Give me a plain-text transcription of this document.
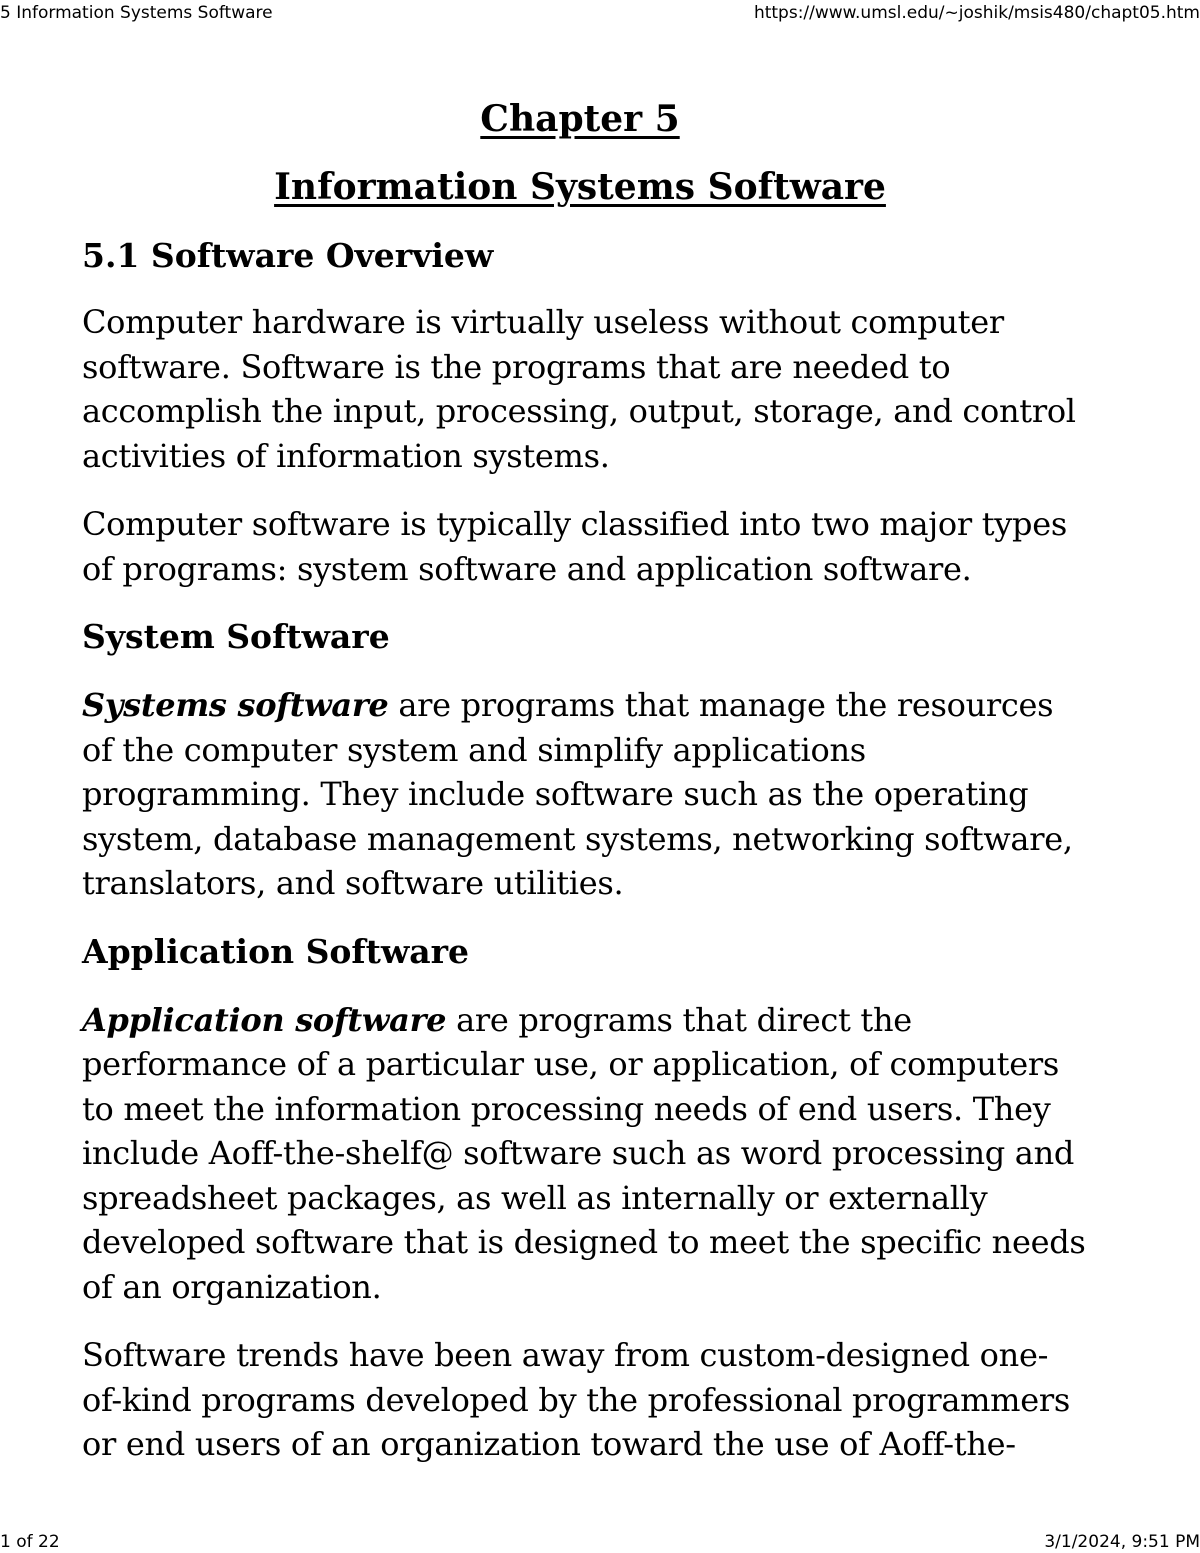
5 Information Systems Software	https://www.umsl.edu/~joshik/msis480/chapt05.htm
Chapter 5
Information Systems Software
5.1 Software Overview

Computer hardware is virtually useless without computer
software. Software is the programs that are needed to
accomplish the input, processing, output, storage, and control
activities of information systems.

Computer software is typically classified into two major types
of programs: system software and application software.

System Software

Systems software are programs that manage the resources
of the computer system and simplify applications
programming. They include software such as the operating
system, database management systems, networking software,
translators, and software utilities.

Application Software

Application software are programs that direct the
performance of a particular use, or application, of computers
to meet the information processing needs of end users. They
include Aoff-the-shelf@ software such as word processing and
spreadsheet packages, as well as internally or externally
developed software that is designed to meet the specific needs
of an organization.

Software trends have been away from custom-designed one-
of-kind programs developed by the professional programmers
or end users of an organization toward the use of Aoff-the-

1 of 22	3/1/2024, 9:51 PM
